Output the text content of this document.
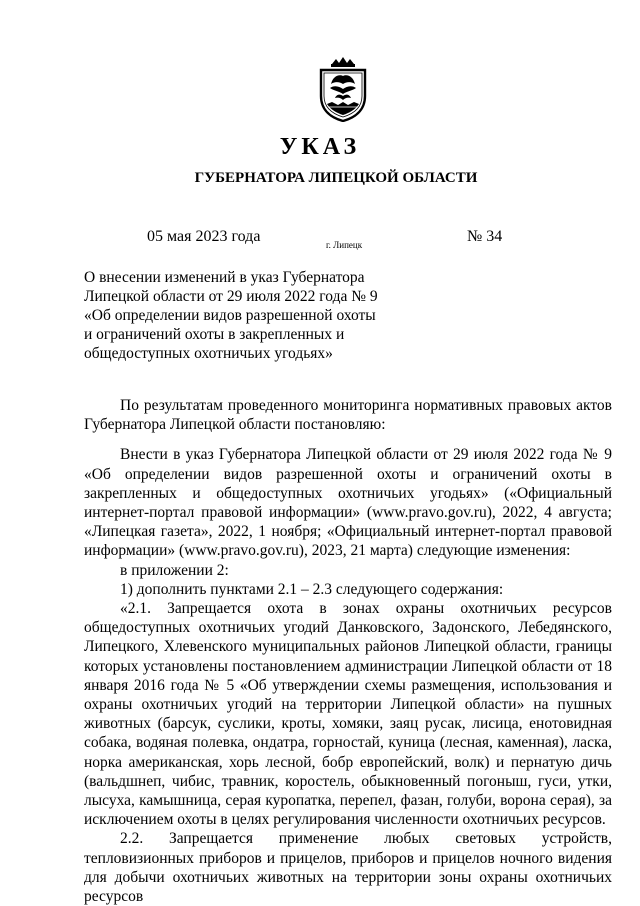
УКАЗ
ГУБЕРНАТОРА ЛИПЕЦКОЙ ОБЛАСТИ
05 мая 2023 года	г. Липецк	№ 34
О внесении изменений в указ Губернатора Липецкой области от 29 июля 2022 года № 9 «Об определении видов разрешенной охоты и ограничений охоты в закрепленных и общедоступных охотничьих угодьях»

По результатам проведенного мониторинга нормативных правовых актов Губернатора Липецкой области постановляю:

Внести в указ Губернатора Липецкой области от 29 июля 2022 года № 9 «Об определении видов разрешенной охоты и ограничений охоты в закрепленных и общедоступных охотничьих угодьях» («Официальный интернет-портал правовой информации» (www.pravo.gov.ru), 2022, 4 августа; «Липецкая газета», 2022, 1 ноября; «Официальный интернет-портал правовой информации» (www.pravo.gov.ru), 2023, 21 марта) следующие изменения:

в приложении 2:

1) дополнить пунктами 2.1 – 2.3 следующего содержания:

«2.1. Запрещается охота в зонах охраны охотничьих ресурсов общедоступных охотничьих угодий Данковского, Задонского, Лебедянского, Липецкого, Хлевенского муниципальных районов Липецкой области, границы которых установлены постановлением администрации Липецкой области от 18 января 2016 года № 5 «Об утверждении схемы размещения, использования и охраны охотничьих угодий на территории Липецкой области» на пушных животных (барсук, суслики, кроты, хомяки, заяц русак, лисица, енотовидная собака, водяная полевка, ондатра, горностай, куница (лесная, каменная), ласка, норка американская, хорь лесной, бобр европейский, волк) и пернатую дичь (вальдшнеп, чибис, травник, коростель, обыкновенный погоныш, гуси, утки, лысуха, камышница, серая куропатка, перепел, фазан, голуби, ворона серая), за исключением охоты в целях регулирования численности охотничьих ресурсов.

2.2. Запрещается применение любых световых устройств, тепловизионных приборов и прицелов, приборов и прицелов ночного видения для добычи охотничьих животных на территории зоны охраны охотничьих ресурсов
